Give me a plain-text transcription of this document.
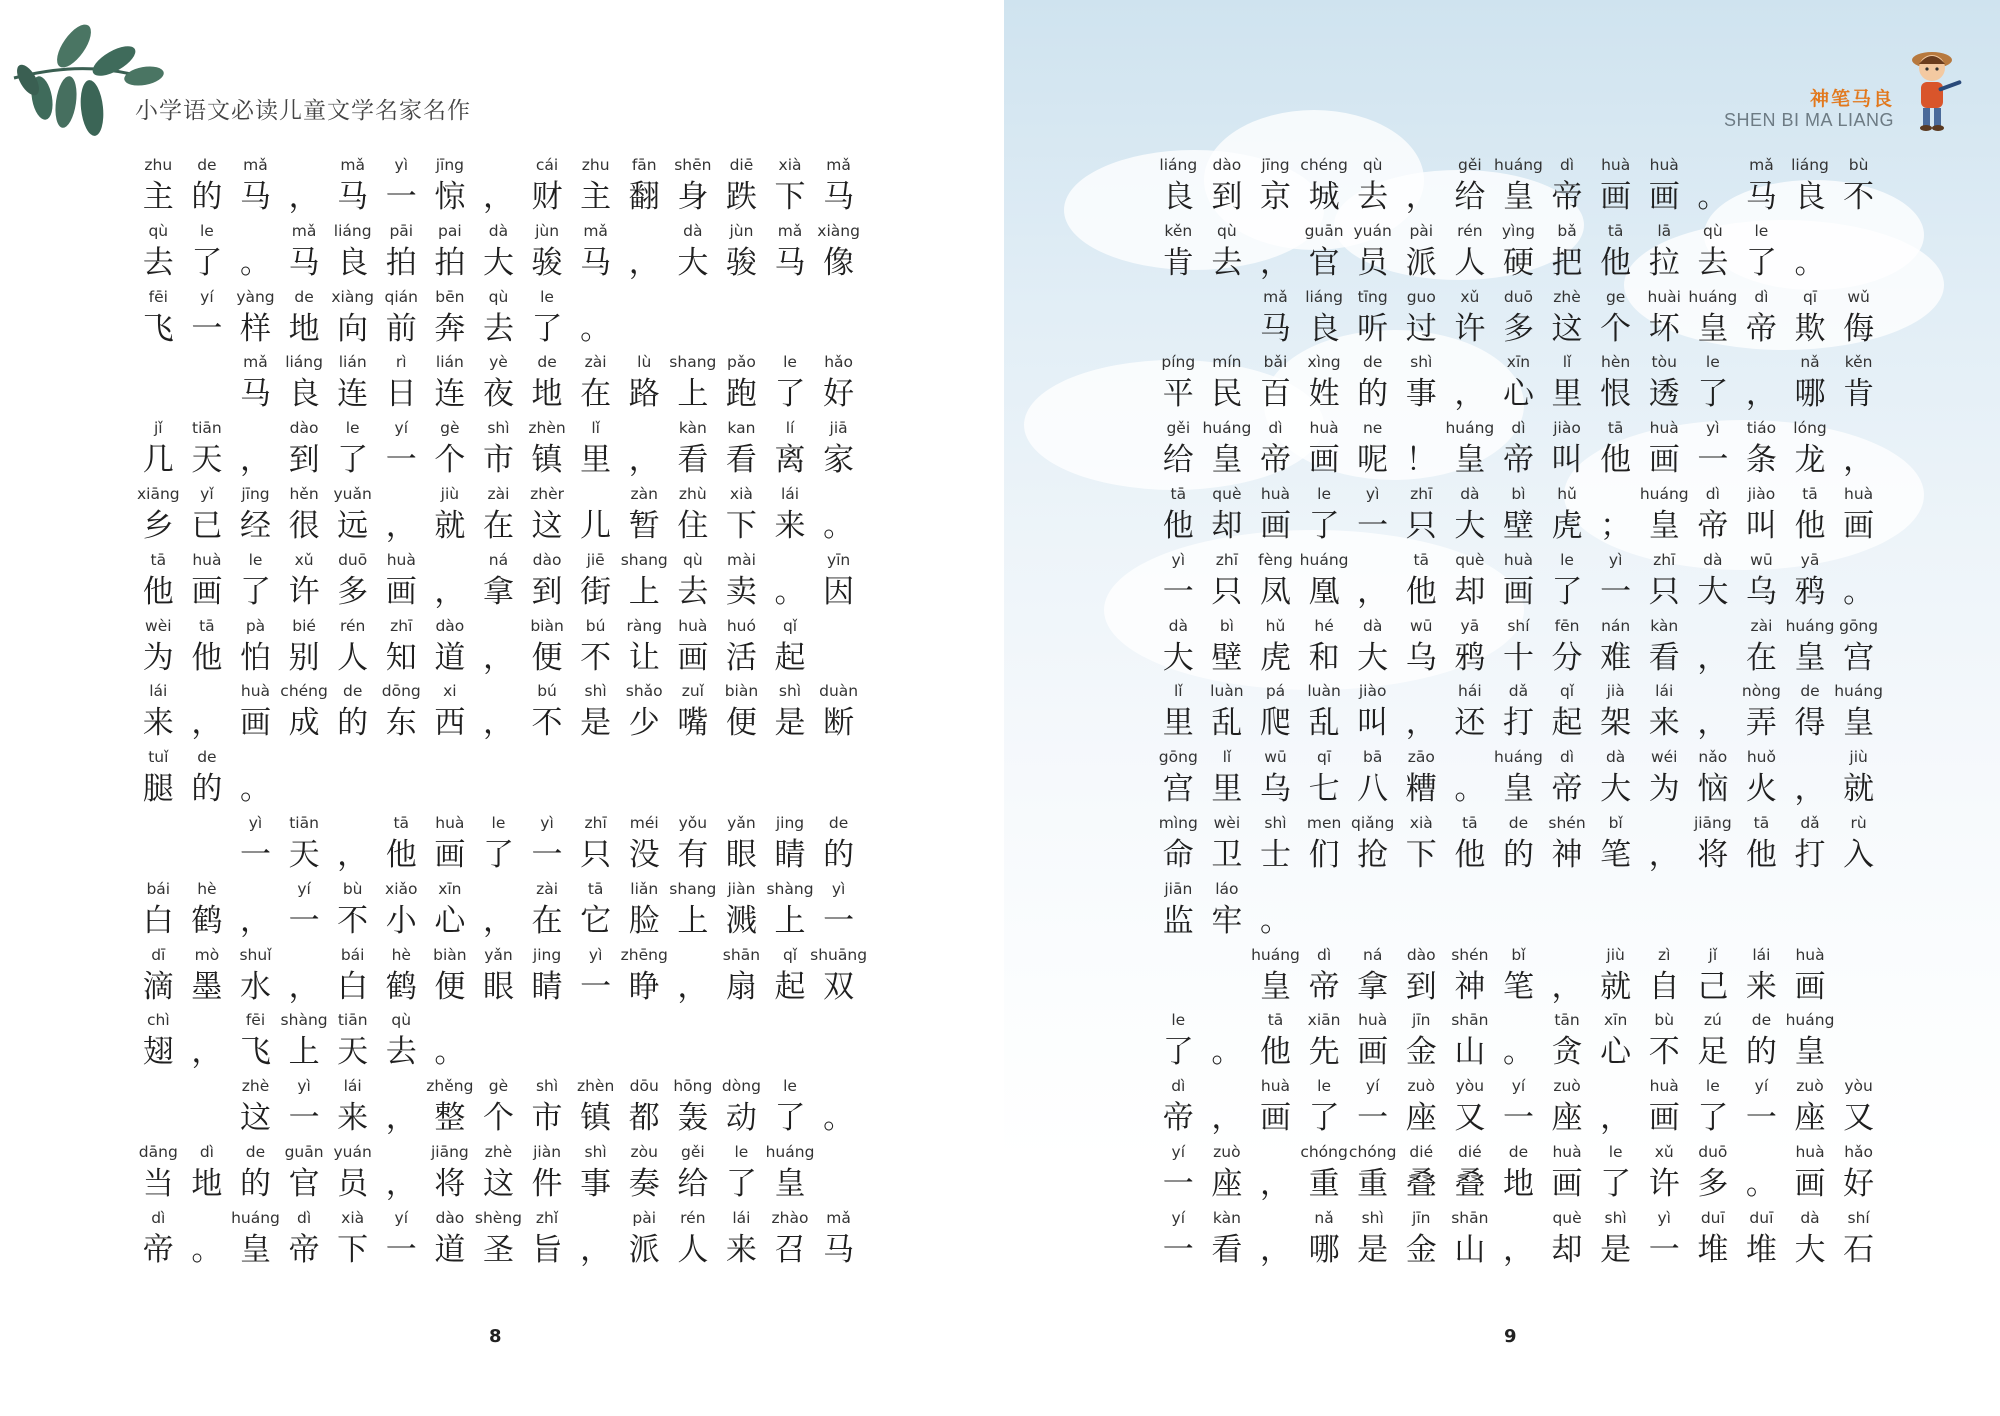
小学语文必读儿童文学名家名作
zhu
主
de
的
mǎ
马 ，
mǎ
马
yì
一
jīng
惊 ，
cái
财
zhu
主
fān
翻
shēn
身
diē
跌
xià
下
mǎ
马
qù
去
le
了 。
mǎ
马
liáng
良
pāi
拍
pai
拍
dà
大
jùn
骏
mǎ
马 ，
dà
大
jùn
骏
mǎ
马
xiàng
像
fēi
飞
yí
一
yàng
样
de
地
xiàng
向
qián
前
bēn
奔
qù
去
le
了 。
mǎ
马
liáng
良
lián
连
rì
日
lián
连
yè
夜
de
地
zài
在
lù
路
shang
上
pǎo
跑
le
了
hǎo
好
jǐ
几
tiān
天 ，
dào
到
le
了
yí
一
gè
个
shì
市
zhèn
镇
lǐ
里 ，
kàn
看
kan
看
lí
离
jiā
家
xiāng
乡
yǐ
已
jīng
经
hěn
很
yuǎn
远 ，
jiù
就
zài
在
zhèr
这 儿
zàn
暂
zhù
住
xià
下
lái
来 。
tā
他
huà
画
le
了
xǔ
许
duō
多
huà
画 ，
ná
拿
dào
到
jiē
街
shang
上
qù
去
mài
卖 。
yīn
因
wèi
为
tā
他
pà
怕
bié
别
rén
人
zhī
知
dào
道 ，
biàn
便
bú
不
ràng
让
huà
画
huó
活
qǐ
起
lái
来 ，
huà
画
chéng
成
de
的
dōng
东
xi
西 ，
bú
不
shì
是
shǎo
少
zuǐ
嘴
biàn
便
shì
是
duàn
断
tuǐ
腿
de
的 。
yì
一
tiān
天 ，
tā
他
huà
画
le
了
yì
一
zhī
只
méi
没
yǒu
有
yǎn
眼
jing
睛
de
的
bái
白
hè
鹤 ，
yí
一
bù
不
xiǎo
小
xīn
心 ，
zài
在
tā
它
liǎn
脸
shang
上
jiàn
溅
shàng
上
yì
一
dī
滴
mò
墨
shuǐ
水 ，
bái
白
hè
鹤
biàn
便
yǎn
眼
jing
睛
yì
一
zhēng
睁 ，
shān
扇
qǐ
起
shuāng
双
chì
翅 ，
fēi
飞
shàng
上
tiān
天
qù
去 。
zhè
这
yì
一
lái
来 ，
zhěng
整
gè
个
shì
市
zhèn
镇
dōu
都
hōng
轰
dòng
动
le
了 。
dāng
当
dì
地
de
的
guān
官
yuán
员 ，
jiāng
将
zhè
这
jiàn
件
shì
事
zòu
奏
gěi
给
le
了
huáng
皇
dì
帝 。
huáng
皇
dì
帝
xià
下
yí
一
dào
道
shèng
圣
zhǐ
旨 ，
pài
派
rén
人
lái
来
zhào
召
mǎ
马
8
神笔马良
SHEN BI MA LIANG
liáng
良
dào
到
jīng
京
chéng
城
qù
去 ，
gěi
给
huáng
皇
dì
帝
huà
画
huà
画 。
mǎ
马
liáng
良
bù
不
kěn
肯
qù
去 ，
guān
官
yuán
员
pài
派
rén
人
yìng
硬
bǎ
把
tā
他
lā
拉
qù
去
le
了 。
mǎ
马
liáng
良
tīng
听
guo
过
xǔ
许
duō
多
zhè
这
ge
个
huài
坏
huáng
皇
dì
帝
qī
欺
wǔ
侮
píng
平
mín
民
bǎi
百
xìng
姓
de
的
shì
事 ，
xīn
心
lǐ
里
hèn
恨
tòu
透
le
了 ，
nǎ
哪
kěn
肯
gěi
给
huáng
皇
dì
帝
huà
画
ne
呢 ！
huáng
皇
dì
帝
jiào
叫
tā
他
huà
画
yì
一
tiáo
条
lóng
龙 ，
tā
他
què
却
huà
画
le
了
yì
一
zhī
只
dà
大
bì
壁
hǔ
虎 ；
huáng
皇
dì
帝
jiào
叫
tā
他
huà
画
yì
一
zhī
只
fèng
凤
huáng
凰 ，
tā
他
què
却
huà
画
le
了
yì
一
zhī
只
dà
大
wū
乌
yā
鸦 。
dà
大
bì
壁
hǔ
虎
hé
和
dà
大
wū
乌
yā
鸦
shí
十
fēn
分
nán
难
kàn
看 ，
zài
在
huáng
皇
gōng
宫
lǐ
里
luàn
乱
pá
爬
luàn
乱
jiào
叫 ，
hái
还
dǎ
打
qǐ
起
jià
架
lái
来 ，
nòng
弄
de
得
huáng
皇
gōng
宫
lǐ
里
wū
乌
qī
七
bā
八
zāo
糟 。
huáng
皇
dì
帝
dà
大
wéi
为
nǎo
恼
huǒ
火 ，
jiù
就
mìng
命
wèi
卫
shì
士
men
们
qiǎng
抢
xià
下
tā
他
de
的
shén
神
bǐ
笔 ，
jiāng
将
tā
他
dǎ
打
rù
入
jiān
监
láo
牢 。
huáng
皇
dì
帝
ná
拿
dào
到
shén
神
bǐ
笔 ，
jiù
就
zì
自
jǐ
己
lái
来
huà
画
le
了 。
tā
他
xiān
先
huà
画
jīn
金
shān
山 。
tān
贪
xīn
心
bù
不
zú
足
de
的
huáng
皇
dì
帝 ，
huà
画
le
了
yí
一
zuò
座
yòu
又
yí
一
zuò
座 ，
huà
画
le
了
yí
一
zuò
座
yòu
又
yí
一
zuò
座 ，
chóng
重
chóng
重
dié
叠
dié
叠
de
地
huà
画
le
了
xǔ
许
duō
多 。
huà
画
hǎo
好
yí
一
kàn
看 ，
nǎ
哪
shì
是
jīn
金
shān
山 ，
què
却
shì
是
yì
一
duī
堆
duī
堆
dà
大
shí
石
9
